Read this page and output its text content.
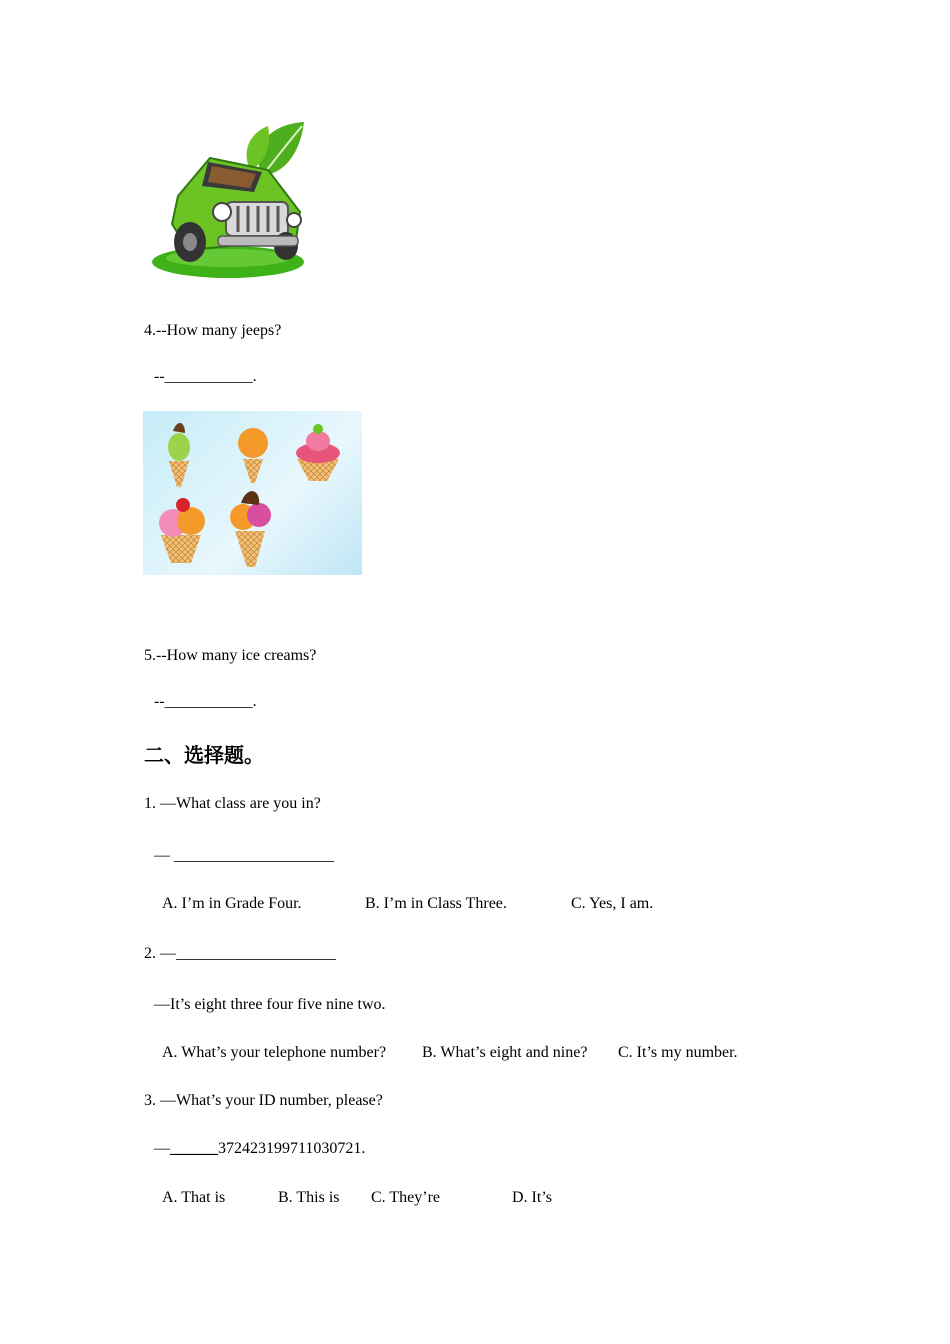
4.--How many jeeps?
--___________.
5.--How many ice creams?
--___________.
二、选择题。
1. —What class are you in?
— ____________________
A. I’m in Grade Four.	B. I’m in Class Three.	C. Yes, I am.
2. —____________________
—It’s eight three four five nine two.
A. What’s your telephone number? B. What’s eight and nine? C. It’s my number.
3. —What’s your ID number, please?
—______372423199711030721.
A. That is	B. This is C. They’re	D. It’s
